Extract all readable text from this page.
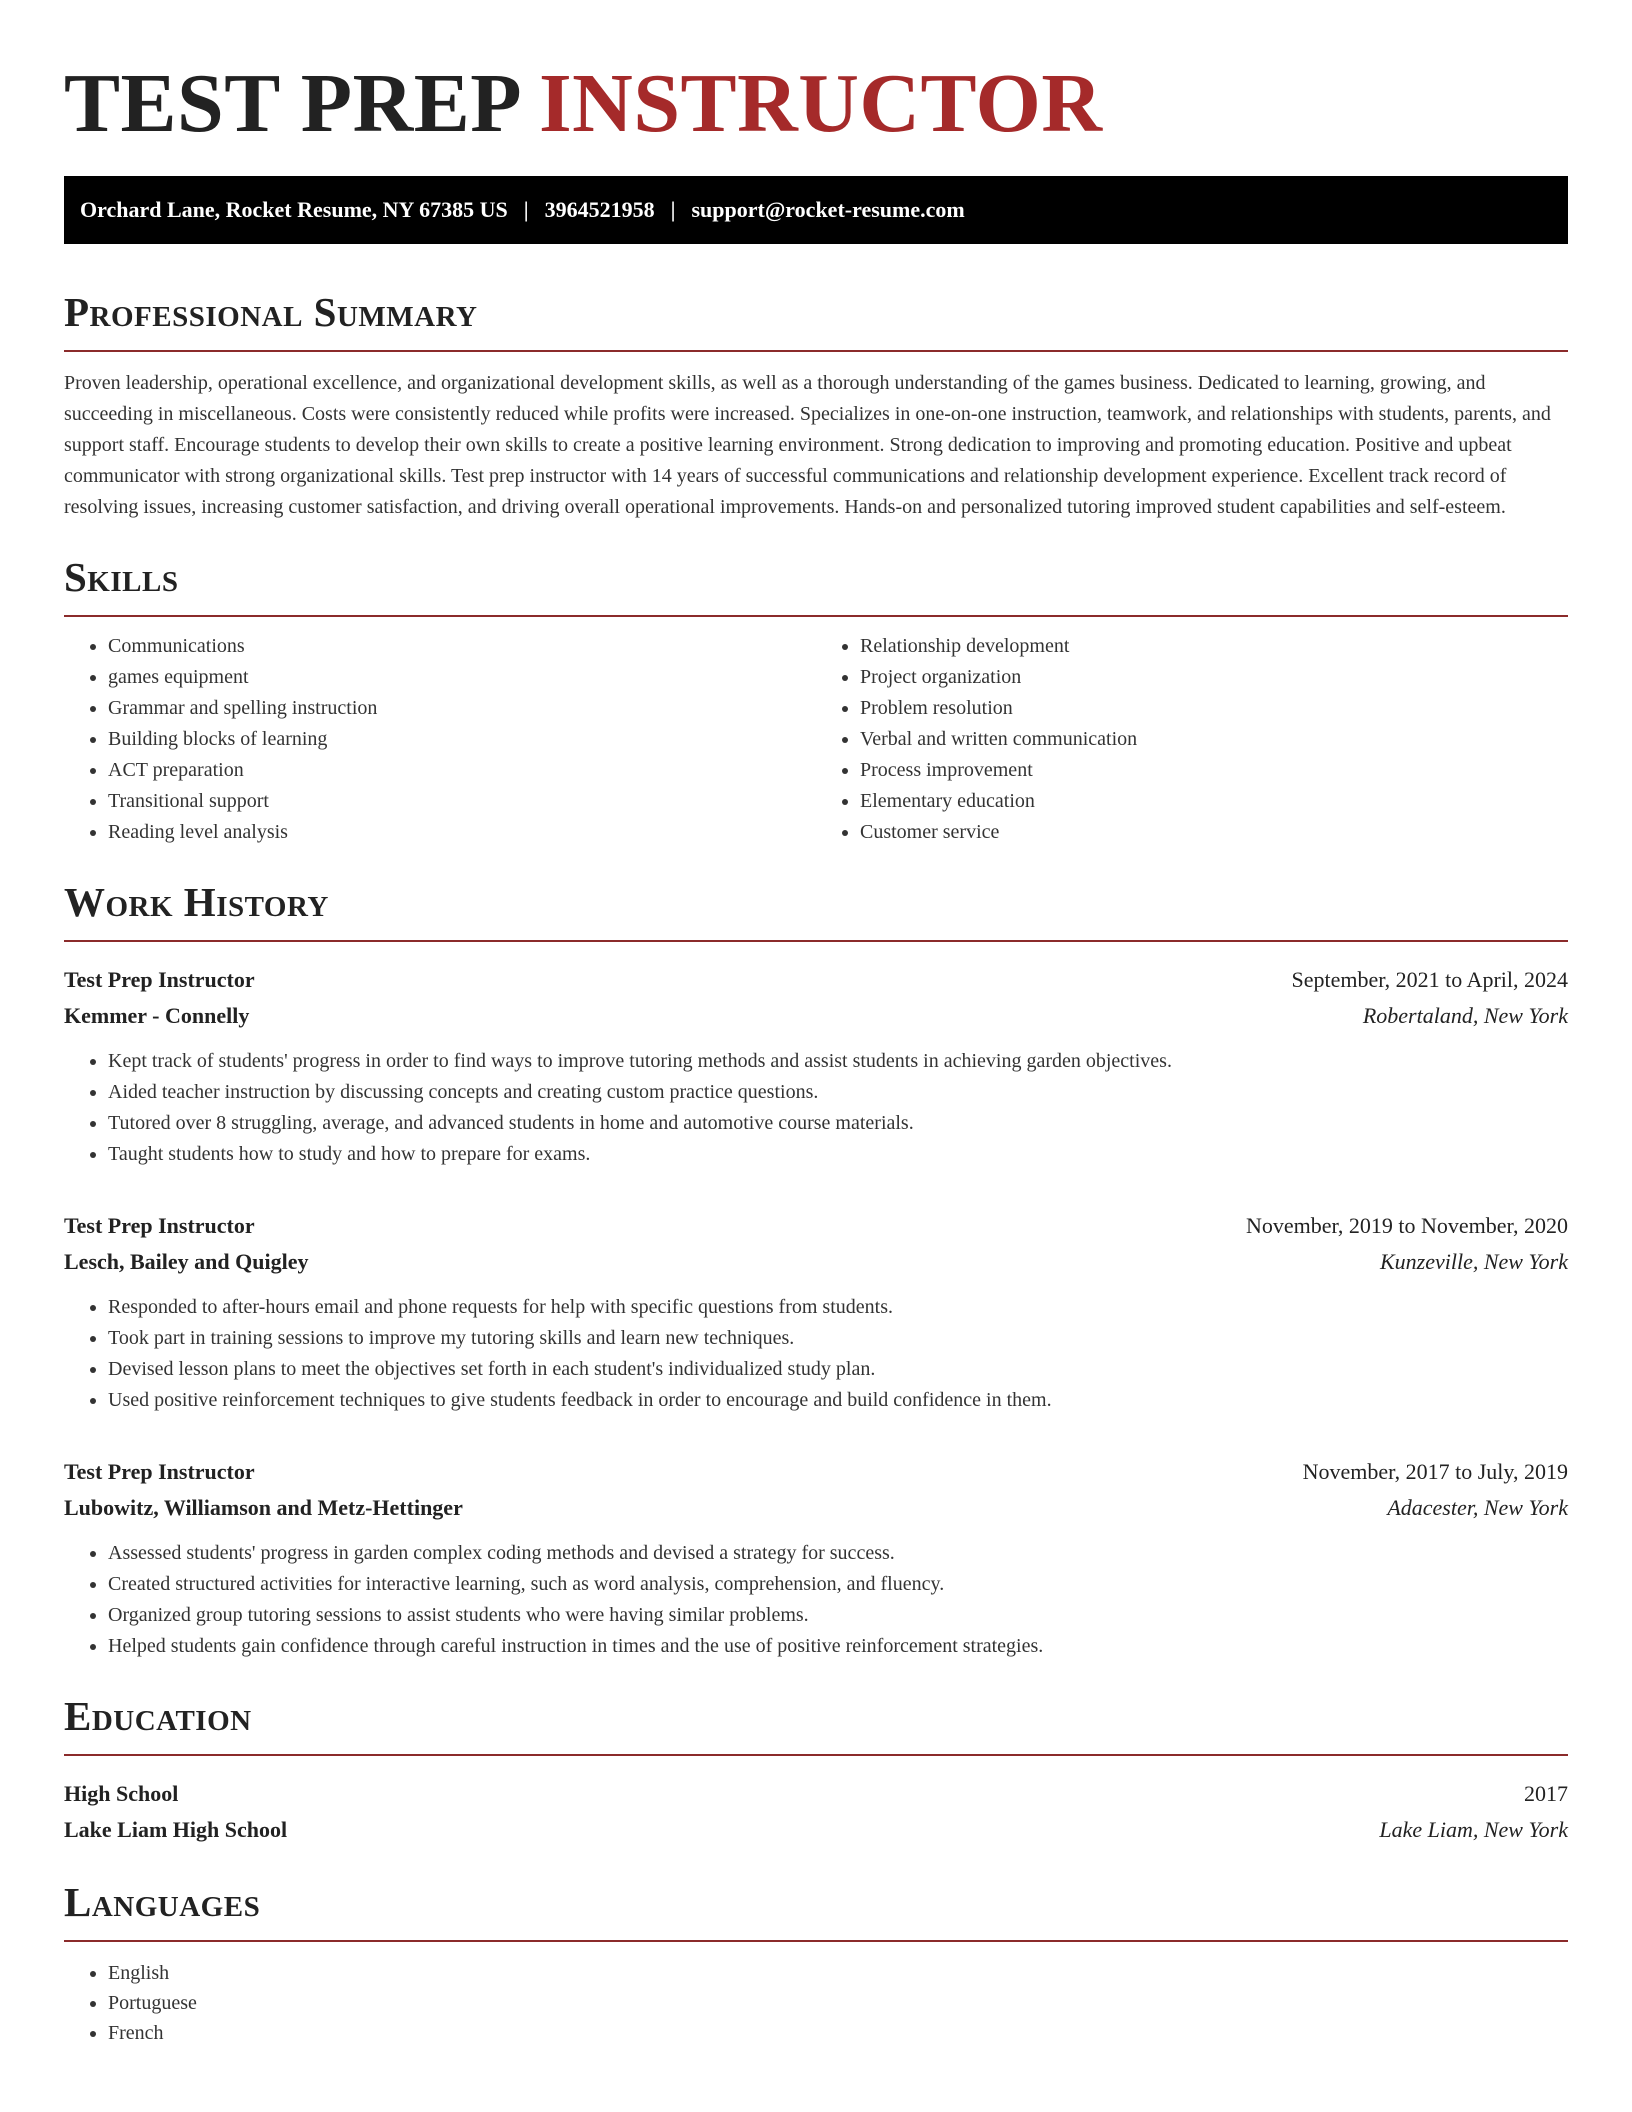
TEST PREP INSTRUCTOR
Orchard Lane, Rocket Resume, NY 67385 US | 3964521958 | support@rocket-resume.com
Professional Summary

Proven leadership, operational excellence, and organizational development skills, as well as a thorough understanding of the games business. Dedicated to learning, growing, and succeeding in miscellaneous. Costs were consistently reduced while profits were increased. Specializes in one-on-one instruction, teamwork, and relationships with students, parents, and support staff. Encourage students to develop their own skills to create a positive learning environment. Strong dedication to improving and promoting education. Positive and upbeat communicator with strong organizational skills. Test prep instructor with 14 years of successful communications and relationship development experience. Excellent track record of resolving issues, increasing customer satisfaction, and driving overall operational improvements. Hands-on and personalized tutoring improved student capabilities and self-esteem.

Skills
• Communications
• games equipment
• Grammar and spelling instruction
• Building blocks of learning
• ACT preparation
• Transitional support
• Reading level analysis
• Relationship development
• Project organization
• Problem resolution
• Verbal and written communication
• Process improvement
• Elementary education
• Customer service
Work History
Test Prep Instructor	September, 2021 to April, 2024
Kemmer - Connelly	Robertaland, New York
• Kept track of students' progress in order to find ways to improve tutoring methods and assist students in achieving garden objectives.
• Aided teacher instruction by discussing concepts and creating custom practice questions.
• Tutored over 8 struggling, average, and advanced students in home and automotive course materials.
• Taught students how to study and how to prepare for exams.
Test Prep Instructor	November, 2019 to November, 2020
Lesch, Bailey and Quigley	Kunzeville, New York
• Responded to after-hours email and phone requests for help with specific questions from students.
• Took part in training sessions to improve my tutoring skills and learn new techniques.
• Devised lesson plans to meet the objectives set forth in each student's individualized study plan.
• Used positive reinforcement techniques to give students feedback in order to encourage and build confidence in them.
Test Prep Instructor	November, 2017 to July, 2019
Lubowitz, Williamson and Metz-Hettinger	Adacester, New York
• Assessed students' progress in garden complex coding methods and devised a strategy for success.
• Created structured activities for interactive learning, such as word analysis, comprehension, and fluency.
• Organized group tutoring sessions to assist students who were having similar problems.
• Helped students gain confidence through careful instruction in times and the use of positive reinforcement strategies.
Education
High School	2017
Lake Liam High School	Lake Liam, New York
Languages
• English
• Portuguese
• French
